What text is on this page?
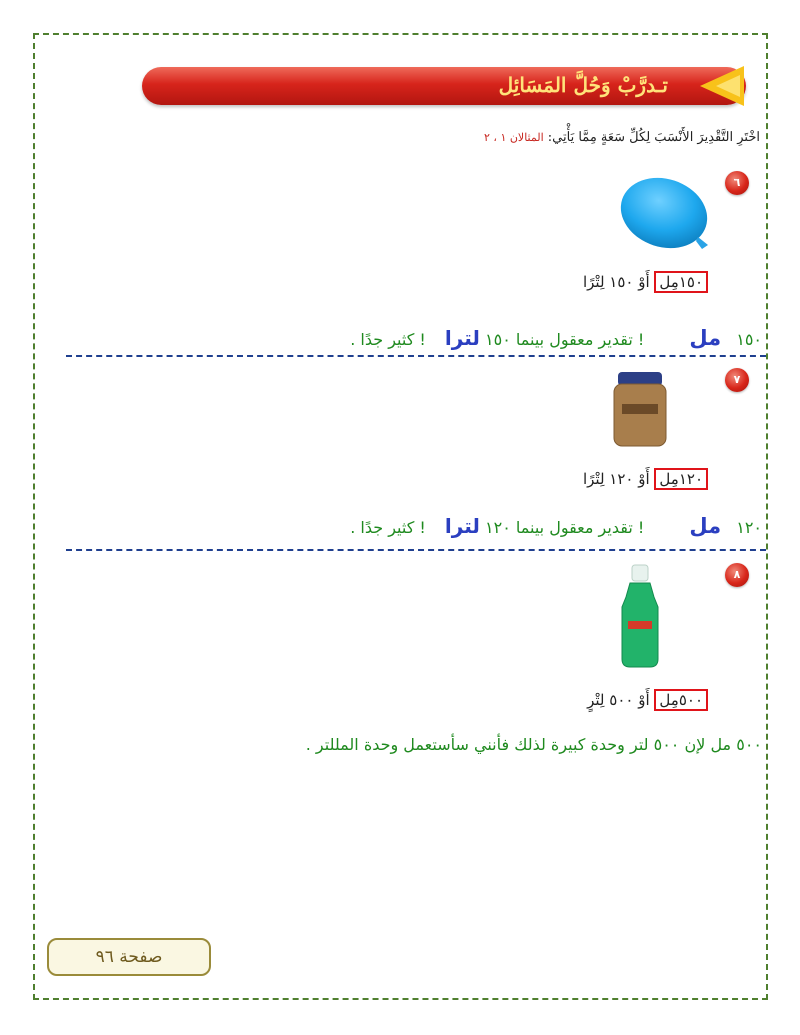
تـدرَّبْ وَحُلَّ المَسَائِل
اخْتَرِ التَّقْدِيرَ الأَنْسَبَ لِكُلِّ سَعَةٍ مِمَّا يَأْتِي: المثالان ١ ، ٢
٦
١٥٠مِل أَوْ ١٥٠ لِتْرًا
١٥٠ مل ! تقدير معقول بينما ١٥٠ لترا ! كثير جدًا .
٧
١٢٠مِل أَوْ ١٢٠ لِتْرًا
١٢٠ مل ! تقدير معقول بينما ١٢٠ لترا ! كثير جدًا .
٨
٥٠٠مِل أَوْ ٥٠٠ لِتْرٍ
٥٠٠ مل لإن ٥٠٠ لتر وحدة كبيرة لذلك فأنني سأستعمل وحدة المللتر .
صفحة ٩٦
